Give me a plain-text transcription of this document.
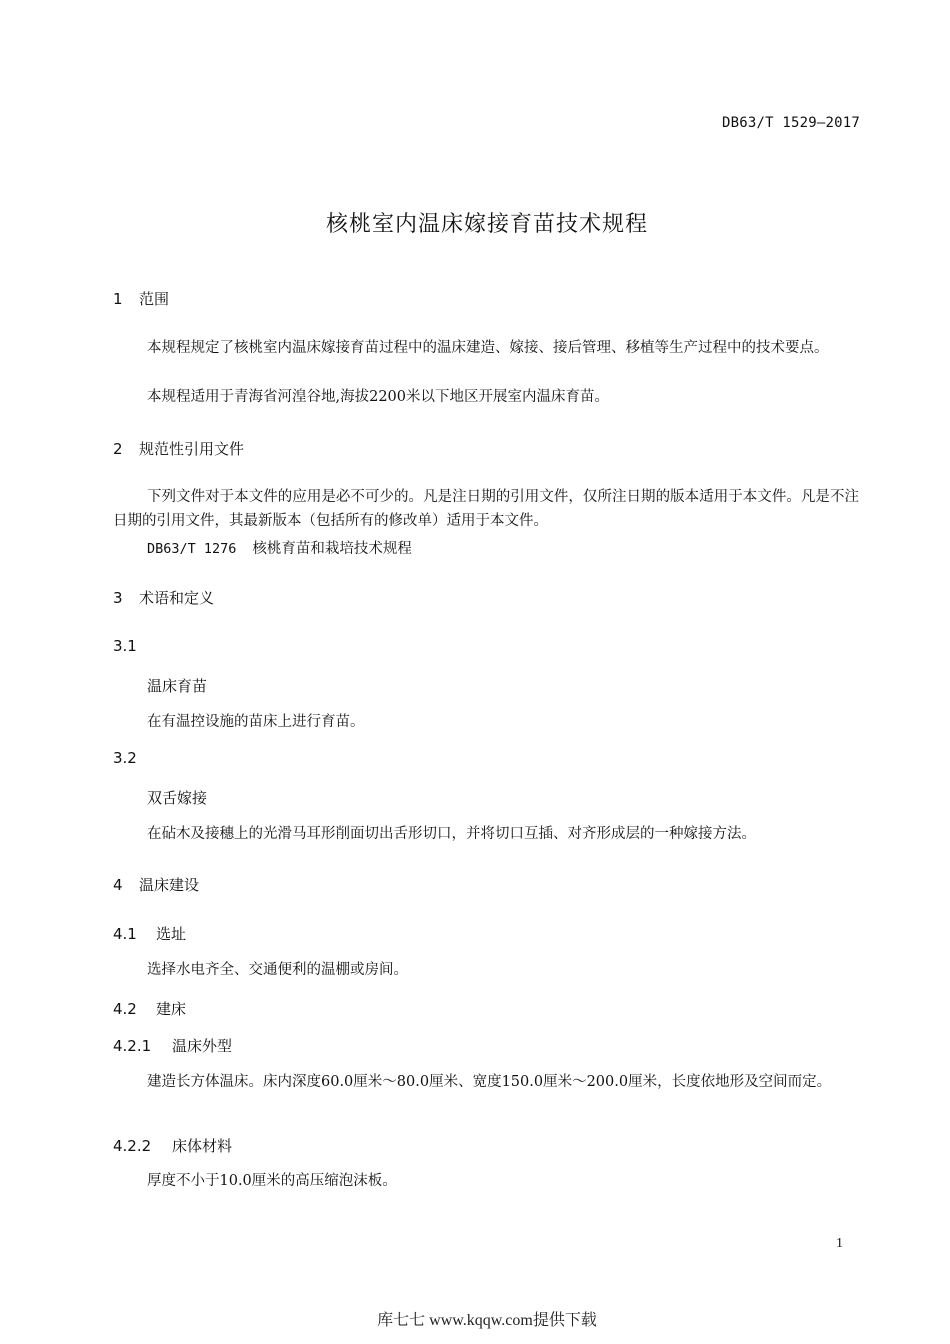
DB63/T 1529—2017
核桃室内温床嫁接育苗技术规程
1 范围
本规程规定了核桃室内温床嫁接育苗过程中的温床建造、嫁接、接后管理、移植等生产过程中的技术要点。
本规程适用于青海省河湟谷地,海拔2200米以下地区开展室内温床育苗。
2 规范性引用文件
下列文件对于本文件的应用是必不可少的。凡是注日期的引用文件，仅所注日期的版本适用于本文件。凡是不注日期的引用文件，其最新版本（包括所有的修改单）适用于本文件。
DB63/T 1276 核桃育苗和栽培技术规程
3 术语和定义
3.1
温床育苗
在有温控设施的苗床上进行育苗。
3.2
双舌嫁接
在砧木及接穗上的光滑马耳形削面切出舌形切口，并将切口互插、对齐形成层的一种嫁接方法。
4 温床建设
4.1 选址
选择水电齐全、交通便利的温棚或房间。
4.2 建床
4.2.1 温床外型
建造长方体温床。床内深度60.0厘米～80.0厘米、宽度150.0厘米～200.0厘米，长度依地形及空间而定。
4.2.2 床体材料
厚度不小于10.0厘米的高压缩泡沫板。
1
库七七 www.kqqw.com提供下载
